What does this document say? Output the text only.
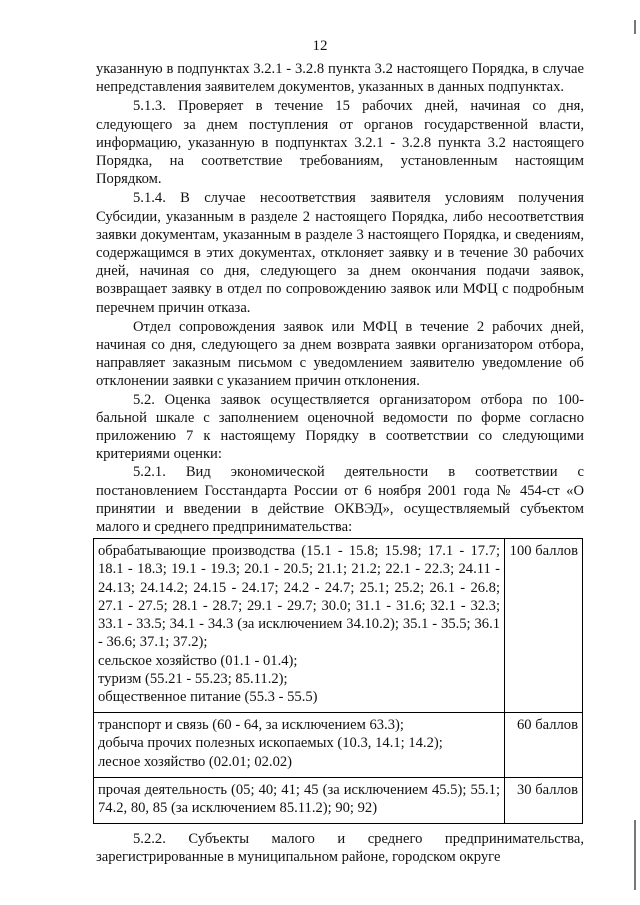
12

указанную в подпунктах 3.2.1 - 3.2.8 пункта 3.2 настоящего Порядка, в случае непредставления заявителем документов, указанных в данных подпунктах.

5.1.3. Проверяет в течение 15 рабочих дней, начиная со дня, следующего за днем поступления от органов государственной власти, информацию, указанную в подпунктах 3.2.1 - 3.2.8 пункта 3.2 настоящего Порядка, на соответствие требованиям, установленным настоящим Порядком.

5.1.4. В случае несоответствия заявителя условиям получения Субсидии, указанным в разделе 2 настоящего Порядка, либо несоответствия заявки документам, указанным в разделе 3 настоящего Порядка, и сведениям, содержащимся в этих документах, отклоняет заявку и в течение 30 рабочих дней, начиная со дня, следующего за днем окончания подачи заявок, возвращает заявку в отдел по сопровождению заявок или МФЦ с подробным перечнем причин отказа.

Отдел сопровождения заявок или МФЦ в течение 2 рабочих дней, начиная со дня, следующего за днем возврата заявки организатором отбора, направляет заказным письмом с уведомлением заявителю уведомление об отклонении заявки с указанием причин отклонения.

5.2. Оценка заявок осуществляется организатором отбора по 100-бальной шкале с заполнением оценочной ведомости по форме согласно приложению 7 к настоящему Порядку в соответствии со следующими критериями оценки:

5.2.1. Вид экономической деятельности в соответствии с постановлением Госстандарта России от 6 ноября 2001 года № 454-ст «О принятии и введении в действие ОКВЭД», осуществляемый субъектом малого и среднего предпринимательства:

обрабатывающие производства (15.1 - 15.8; 15.98; 17.1 - 17.7; 18.1 - 18.3; 19.1 - 19.3; 20.1 - 20.5; 21.1; 21.2; 22.1 - 22.3; 24.11 - 24.13; 24.14.2; 24.15 - 24.17; 24.2 - 24.7; 25.1; 25.2; 26.1 - 26.8; 27.1 - 27.5; 28.1 - 28.7; 29.1 - 29.7; 30.0; 31.1 - 31.6; 32.1 - 32.3; 33.1 - 33.5; 34.1 - 34.3 (за исключением 34.10.2); 35.1 - 35.5; 36.1 - 36.6; 37.1; 37.2);
сельское хозяйство (01.1 - 01.4);
туризм (55.21 - 55.23; 85.11.2);
общественное питание (55.3 - 55.5)	100 баллов

транспорт и связь (60 - 64, за исключением 63.3);
добыча прочих полезных ископаемых (10.3, 14.1; 14.2);
лесное хозяйство (02.01; 02.02)	60 баллов

прочая деятельность (05; 40; 41; 45 (за исключением 45.5); 55.1; 74.2, 80, 85 (за исключением 85.11.2); 90; 92)	30 баллов

5.2.2. Субъекты малого и среднего предпринимательства, зарегистрированные в муниципальном районе, городском округе
